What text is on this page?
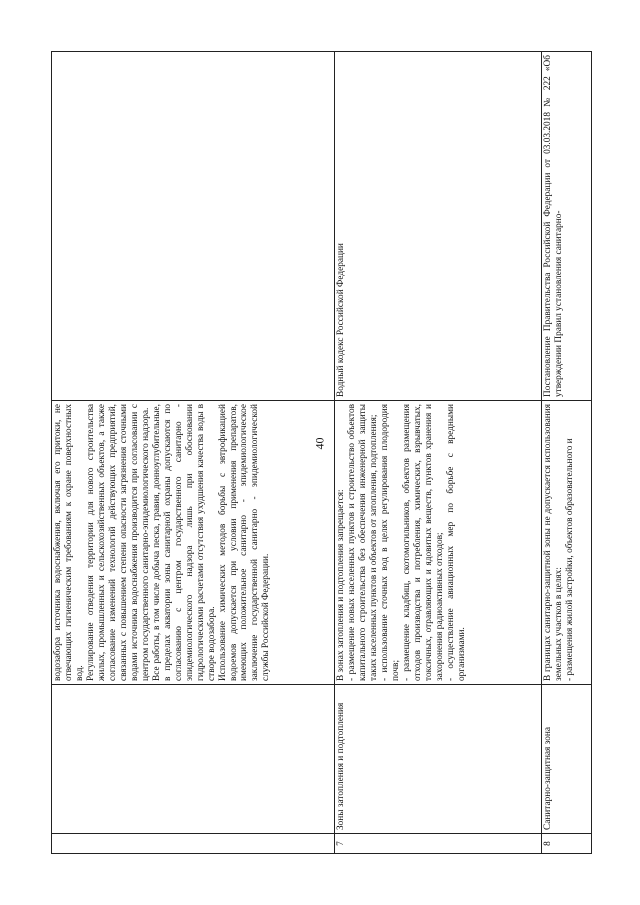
40

		водозабора источника водоснабжения, включая его притоки, не отвечающих гигиеническим требованиям к охране поверхностных вод. Регулирование отведения территории для нового строительства жилых, промышленных и сельскохозяйственных объектов, а также согласование изменений технологий действующих предприятий, связанных с повышением степени опасности загрязнения сточными водами источника водоснабжения производится при согласовании с центром государственного санитарно-эпидемиологического надзора. Все работы, в том числе добыча песка, гравия, донноуглубительные, в пределах акватории зоны санитарной охраны допускаются по согласованию с центром государственного санитарно - эпидемиологического надзора лишь при обосновании гидрологическими расчетами отсутствия ухудшения качества воды в створе водозабора. Использование химических методов борьбы с эвтрофикацией водоемов допускается при условии применения препаратов, имеющих положительное санитарно - эпидемиологическое заключение государственной санитарно - эпидемиологической службы Российской Федерации.	

7	Зоны затопления и подтопления	В зонах затопления и подтопления запрещается: - размещение новых населенных пунктов и строительство объектов капитального строительства без обеспечения инженерной защиты таких населенных пунктов и объектов от затопления, подтопления; - использование сточных вод в целях регулирования плодородия почв; - размещение кладбищ, скотомогильников, объектов размещения отходов производства и потребления, химических, взрывчатых, токсичных, отравляющих и ядовитых веществ, пунктов хранения и захоронения радиоактивных отходов; - осуществление авиационных мер по борьбе с вредными организмами.	Водный кодекс Российской Федерации
8	Санитарно-защитная зона	В границах санитарно-защитной зоны не допускается использования земельных участков в целях: - размещения жилой застройки, объектов образовательного и	Постановление Правительства Российской Федерации от 03.03.2018 № 222 «Об утверждении Правил установления санитарно-
